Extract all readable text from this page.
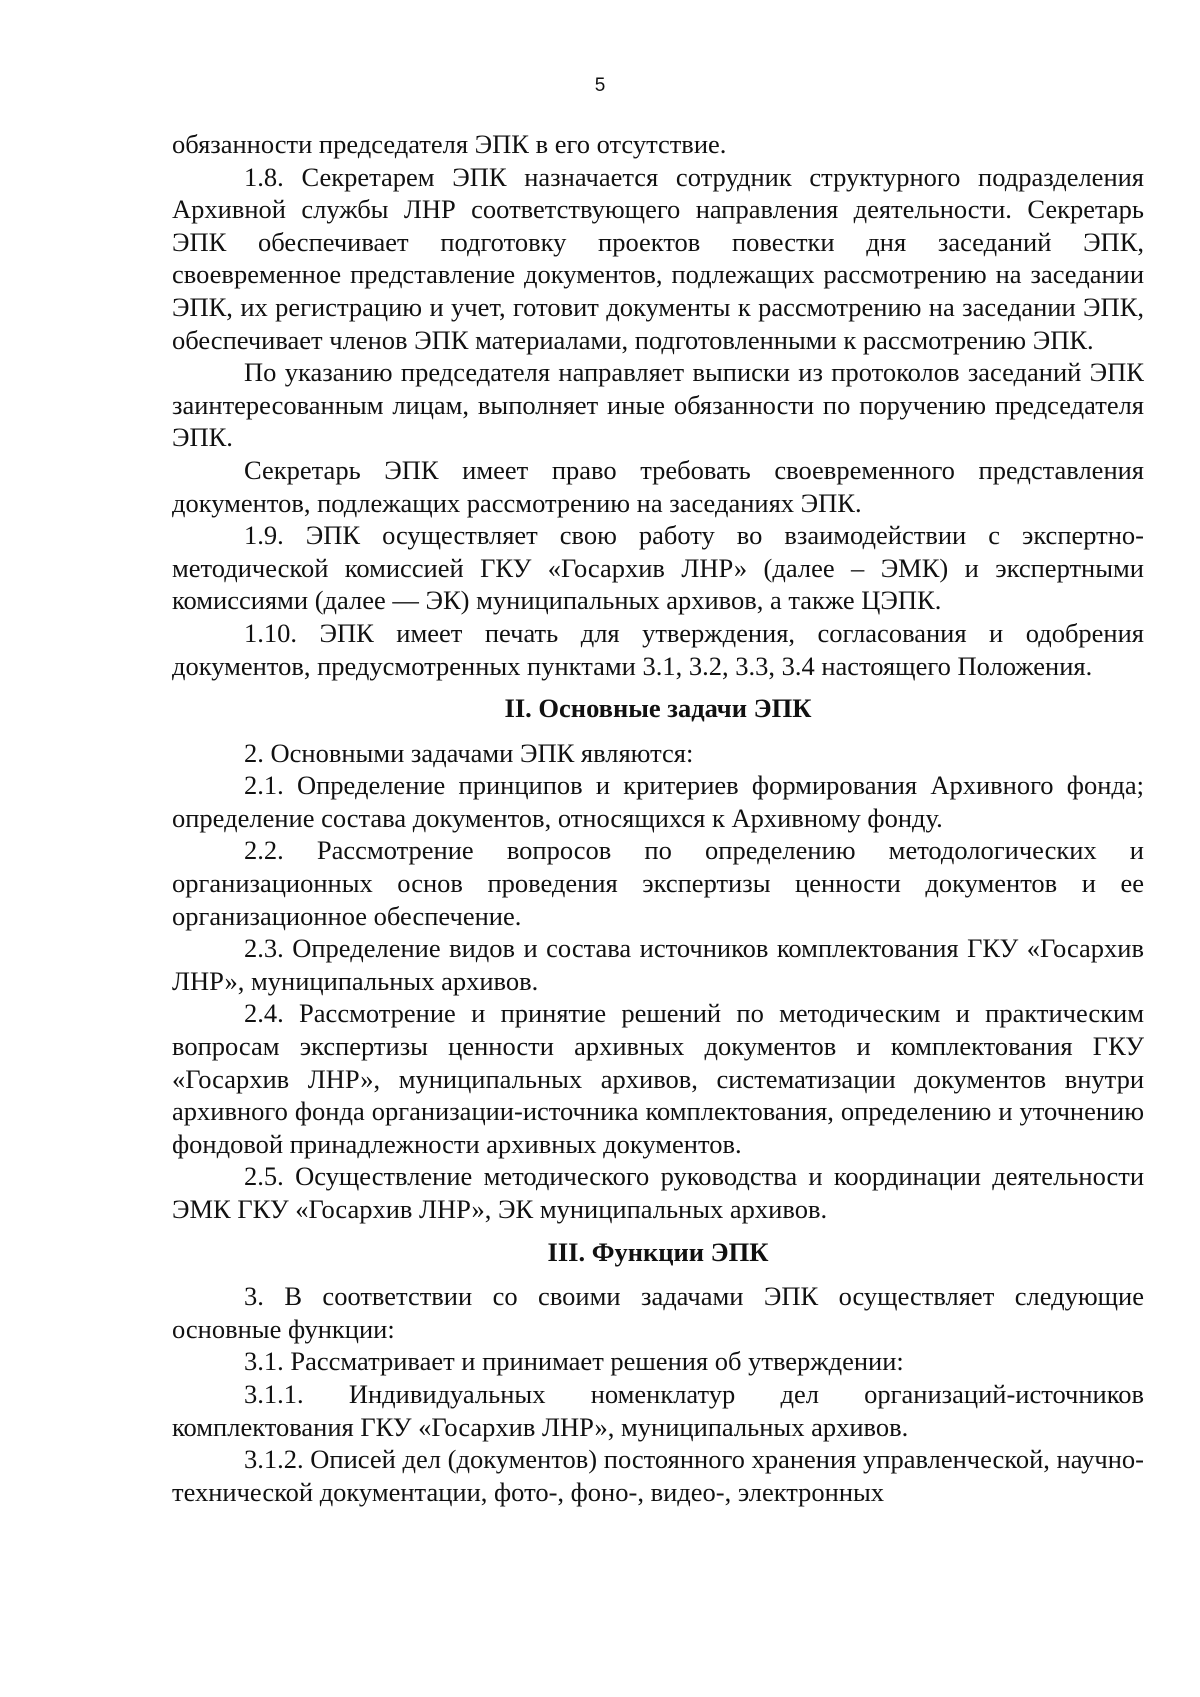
5

обязанности председателя ЭПК в его отсутствие.

1.8. Секретарем ЭПК назначается сотрудник структурного подразделения Архивной службы ЛНР соответствующего направления деятельности. Секретарь ЭПК обеспечивает подготовку проектов повестки дня заседаний ЭПК, своевременное представление документов, подлежащих рассмотрению на заседании ЭПК, их регистрацию и учет, готовит документы к рассмотрению на заседании ЭПК, обеспечивает членов ЭПК материалами, подготовленными к рассмотрению ЭПК.

По указанию председателя направляет выписки из протоколов заседаний ЭПК заинтересованным лицам, выполняет иные обязанности по поручению председателя ЭПК.

Секретарь ЭПК имеет право требовать своевременного представления документов, подлежащих рассмотрению на заседаниях ЭПК.

1.9. ЭПК осуществляет свою работу во взаимодействии с экспертно-методической комиссией ГКУ «Госархив ЛНР» (далее – ЭМК) и экспертными комиссиями (далее — ЭК) муниципальных архивов, а также ЦЭПК.

1.10. ЭПК имеет печать для утверждения, согласования и одобрения документов, предусмотренных пунктами 3.1, 3.2, 3.3, 3.4 настоящего Положения.

II. Основные задачи ЭПК

2. Основными задачами ЭПК являются:

2.1. Определение принципов и критериев формирования Архивного фонда; определение состава документов, относящихся к Архивному фонду.

2.2. Рассмотрение вопросов по определению методологических и организационных основ проведения экспертизы ценности документов и ее организационное обеспечение.

2.3. Определение видов и состава источников комплектования ГКУ «Госархив ЛНР», муниципальных архивов.

2.4. Рассмотрение и принятие решений по методическим и практическим вопросам экспертизы ценности архивных документов и комплектования ГКУ «Госархив ЛНР», муниципальных архивов, систематизации документов внутри архивного фонда организации-источника комплектования, определению и уточнению фондовой принадлежности архивных документов.

2.5. Осуществление методического руководства и координации деятельности ЭМК ГКУ «Госархив ЛНР», ЭК муниципальных архивов.

III. Функции ЭПК

3. В соответствии со своими задачами ЭПК осуществляет следующие основные функции:

3.1. Рассматривает и принимает решения об утверждении:

3.1.1. Индивидуальных номенклатур дел организаций-источников комплектования ГКУ «Госархив ЛНР», муниципальных архивов.

3.1.2. Описей дел (документов) постоянного хранения управленческой, научно-технической документации, фото-, фоно-, видео-, электронных
